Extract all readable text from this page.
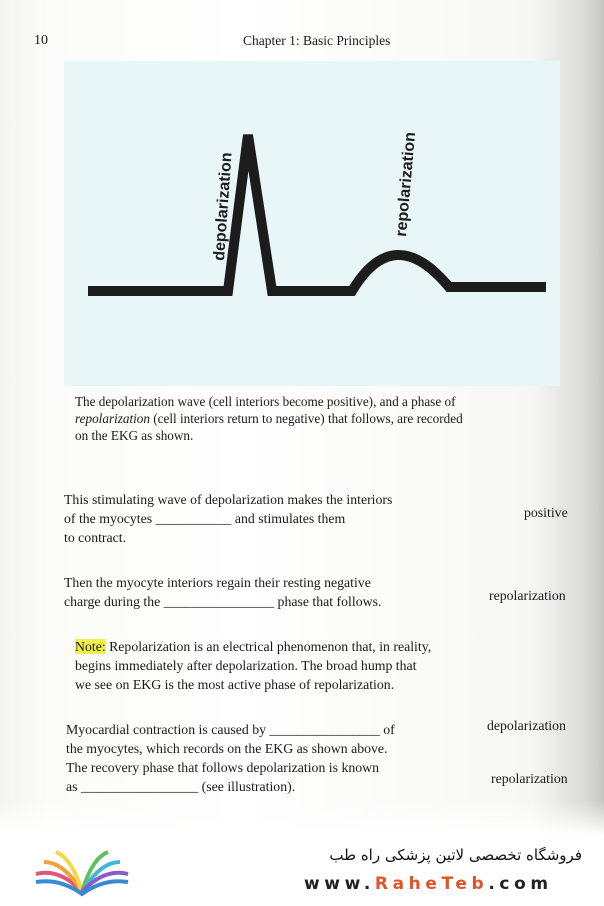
10	Chapter 1: Basic Principles
depolarization	repolarization
The depolarization wave (cell interiors become positive), and a phase of
repolarization (cell interiors return to negative) that follows, are recorded
on the EKG as shown.
This stimulating wave of depolarization makes the interiors
of the myocytes ___________ and stimulates them
to contract.
positive
Then the myocyte interiors regain their resting negative
charge during the ________________ phase that follows.	repolarization
Note: Repolarization is an electrical phenomenon that, in reality,
begins immediately after depolarization. The broad hump that
we see on EKG is the most active phase of repolarization.
Myocardial contraction is caused by ________________ of
the myocytes, which records on the EKG as shown above.
The recovery phase that follows depolarization is known
as _________________ (see illustration).
depolarization
repolarization
فروشگاه تخصصی لاتین پزشکی راه طب
www.RaheTeb.com
